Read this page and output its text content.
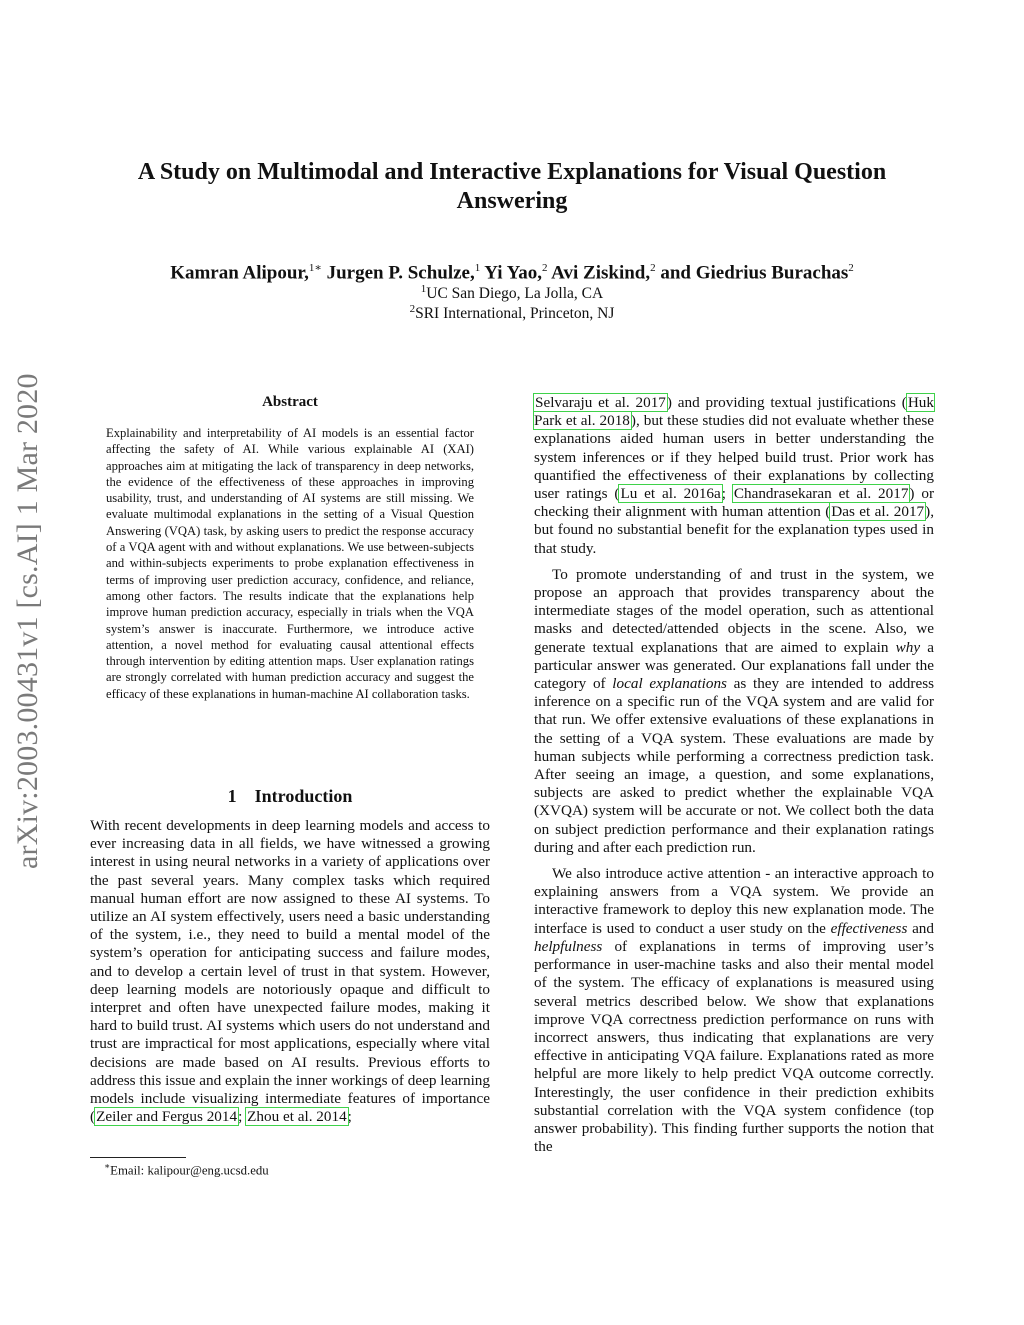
arXiv:2003.00431v1 [cs.AI] 1 Mar 2020
A Study on Multimodal and Interactive Explanations for Visual Question Answering
Kamran Alipour,$^{1∗}$ Jurgen P. Schulze,$^1$ Yi Yao,$^2$ Avi Ziskind,$^2$ and Giedrius Burachas$^2$
$^1$UC San Diego, La Jolla, CA
$^2$SRI International, Princeton, NJ
Abstract
Explainability and interpretability of AI models is an essential factor affecting the safety of AI. While various explainable AI (XAI) approaches aim at mitigating the lack of transparency in deep networks, the evidence of the effectiveness of these approaches in improving usability, trust, and understanding of AI systems are still missing. We evaluate multimodal explanations in the setting of a Visual Question Answering (VQA) task, by asking users to predict the response accuracy of a VQA agent with and without explanations. We use between-subjects and within-subjects experiments to probe explanation effectiveness in terms of improving user prediction accuracy, confidence, and reliance, among other factors. The results indicate that the explanations help improve human prediction accuracy, especially in trials when the VQA system’s answer is inaccurate. Furthermore, we introduce active attention, a novel method for evaluating causal attentional effects through intervention by editing attention maps. User explanation ratings are strongly correlated with human prediction accuracy and suggest the efficacy of these explanations in human-machine AI collaboration tasks.
1 Introduction
With recent developments in deep learning models and access to ever increasing data in all fields, we have witnessed a growing interest in using neural networks in a variety of applications over the past several years. Many complex tasks which required manual human effort are now assigned to these AI systems. To utilize an AI system effectively, users need a basic understanding of the system, i.e., they need to build a mental model of the system’s operation for anticipating success and failure modes, and to develop a certain level of trust in that system. However, deep learning models are notoriously opaque and difficult to interpret and often have unexpected failure modes, making it hard to build trust. AI systems which users do not understand and trust are impractical for most applications, especially where vital decisions are made based on AI results. Previous efforts to address this issue and explain the inner workings of deep learning models include visualizing intermediate features of importance (Zeiler and Fergus 2014; Zhou et al. 2014;

Selvaraju et al. 2017) and providing textual justifications (Huk Park et al. 2018), but these studies did not evaluate whether these explanations aided human users in better understanding the system inferences or if they helped build trust. Prior work has quantified the effectiveness of their explanations by collecting user ratings (Lu et al. 2016a; Chandrasekaran et al. 2017) or checking their alignment with human attention (Das et al. 2017), but found no substantial benefit for the explanation types used in that study.

To promote understanding of and trust in the system, we propose an approach that provides transparency about the intermediate stages of the model operation, such as attentional masks and detected/attended objects in the scene. Also, we generate textual explanations that are aimed to explain why a particular answer was generated. Our explanations fall under the category of local explanations as they are intended to address inference on a specific run of the VQA system and are valid for that run. We offer extensive evaluations of these explanations in the setting of a VQA system. These evaluations are made by human subjects while performing a correctness prediction task. After seeing an image, a question, and some explanations, subjects are asked to predict whether the explainable VQA (XVQA) system will be accurate or not. We collect both the data on subject prediction performance and their explanation ratings during and after each prediction run.

We also introduce active attention - an interactive approach to explaining answers from a VQA system. We provide an interactive framework to deploy this new explanation mode. The interface is used to conduct a user study on the effectiveness and helpfulness of explanations in terms of improving user’s performance in user-machine tasks and also their mental model of the system. The efficacy of explanations is measured using several metrics described below. We show that explanations improve VQA correctness prediction performance on runs with incorrect answers, thus indicating that explanations are very effective in anticipating VQA failure. Explanations rated as more helpful are more likely to help predict VQA outcome correctly. Interestingly, the user confidence in their prediction exhibits substantial correlation with the VQA system confidence (top answer probability). This finding further supports the notion that the

∗Email: kalipour@eng.ucsd.edu
